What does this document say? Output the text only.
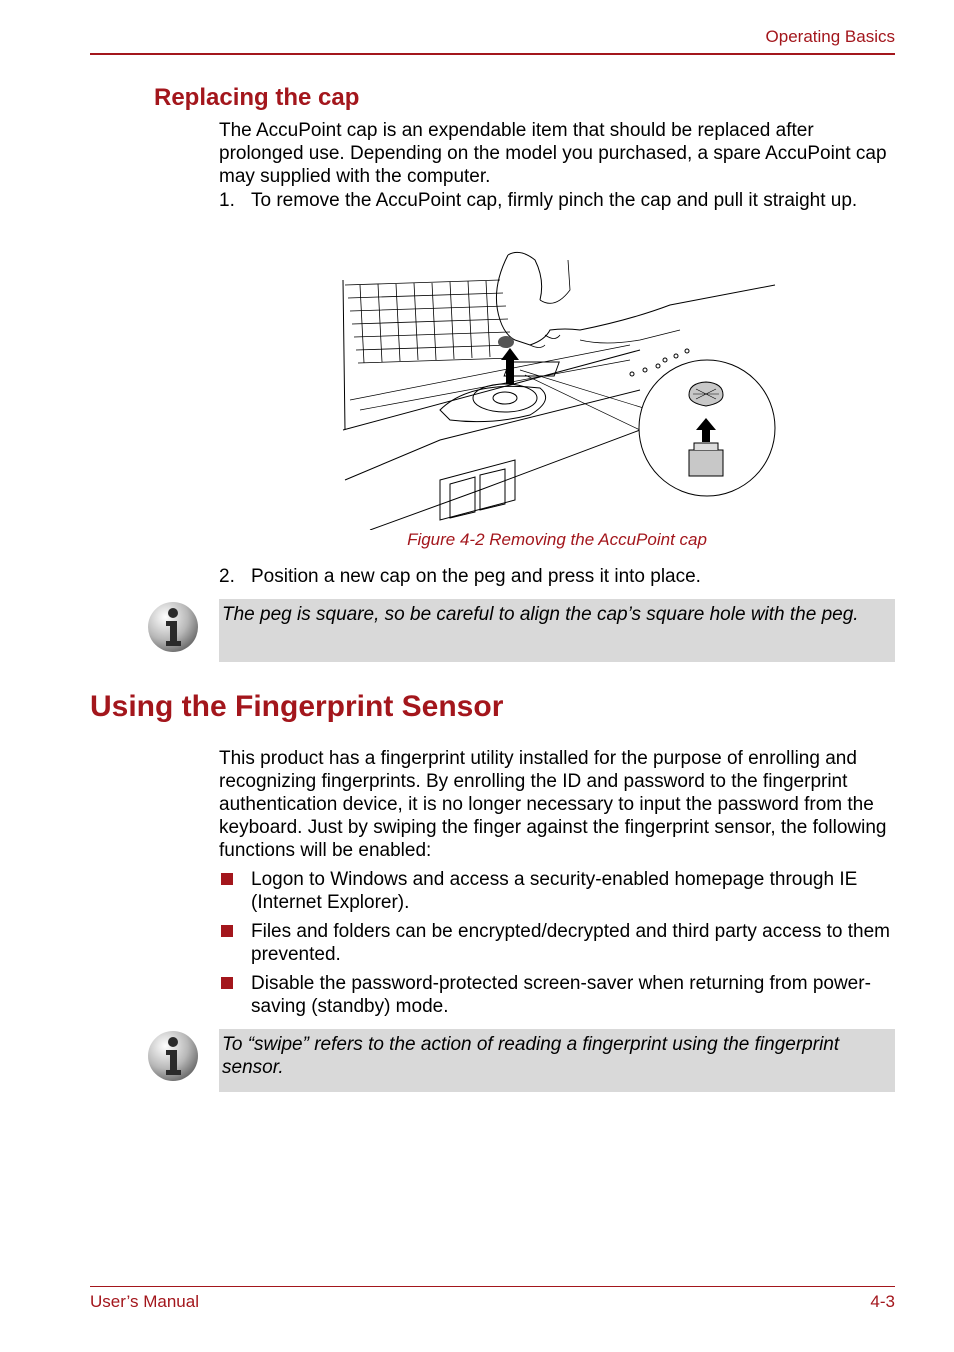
Operating Basics
Replacing the cap

The AccuPoint cap is an expendable item that should be replaced after prolonged use. Depending on the model you purchased, a spare AccuPoint cap may supplied with the computer.

1. To remove the AccuPoint cap, firmly pinch the cap and pull it straight up.
Figure 4-2 Removing the AccuPoint cap
2. Position a new cap on the peg and press it into place.
The peg is square, so be careful to align the cap’s square hole with the peg.
Using the Fingerprint Sensor

This product has a fingerprint utility installed for the purpose of enrolling and recognizing fingerprints. By enrolling the ID and password to the fingerprint authentication device, it is no longer necessary to input the password from the keyboard. Just by swiping the finger against the fingerprint sensor, the following functions will be enabled:

Logon to Windows and access a security-enabled homepage through IE (Internet Explorer).
Files and folders can be encrypted/decrypted and third party access to them prevented.
Disable the password-protected screen-saver when returning from power-saving (standby) mode.
To “swipe” refers to the action of reading a fingerprint using the fingerprint sensor.
User’s Manual	4-3
